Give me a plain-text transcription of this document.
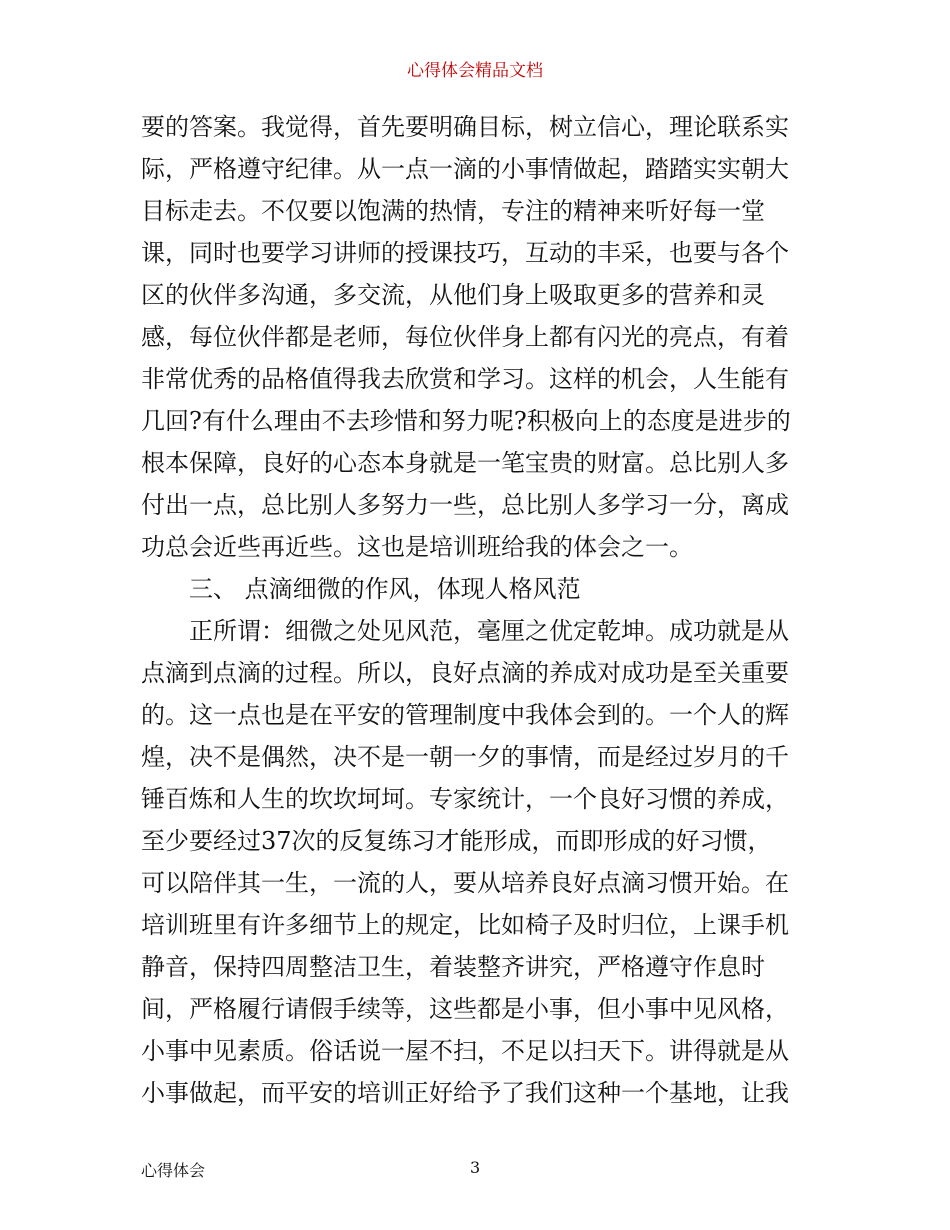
心得体会精品文档
要的答案。我觉得，首先要明确目标，树立信心，理论联系实
际，严格遵守纪律。从一点一滴的小事情做起，踏踏实实朝大
目标走去。不仅要以饱满的热情，专注的精神来听好每一堂
课，同时也要学习讲师的授课技巧，互动的丰采，也要与各个
区的伙伴多沟通，多交流，从他们身上吸取更多的营养和灵
感，每位伙伴都是老师，每位伙伴身上都有闪光的亮点，有着
非常优秀的品格值得我去欣赏和学习。这样的机会，人生能有
几回?有什么理由不去珍惜和努力呢?积极向上的态度是进步的
根本保障，良好的心态本身就是一笔宝贵的财富。总比别人多
付出一点，总比别人多努力一些，总比别人多学习一分，离成
功总会近些再近些。这也是培训班给我的体会之一。
三、 点滴细微的作风，体现人格风范
正所谓：细微之处见风范，毫厘之优定乾坤。成功就是从
点滴到点滴的过程。所以，良好点滴的养成对成功是至关重要
的。这一点也是在平安的管理制度中我体会到的。一个人的辉
煌，决不是偶然，决不是一朝一夕的事情，而是经过岁月的千
锤百炼和人生的坎坎坷坷。专家统计，一个良好习惯的养成，
至少要经过37次的反复练习才能形成，而即形成的好习惯，
可以陪伴其一生，一流的人，要从培养良好点滴习惯开始。在
培训班里有许多细节上的规定，比如椅子及时归位，上课手机
静音，保持四周整洁卫生，着装整齐讲究，严格遵守作息时
间，严格履行请假手续等，这些都是小事，但小事中见风格，
小事中见素质。俗话说一屋不扫，不足以扫天下。讲得就是从
小事做起，而平安的培训正好给予了我们这种一个基地，让我
心得体会	3
